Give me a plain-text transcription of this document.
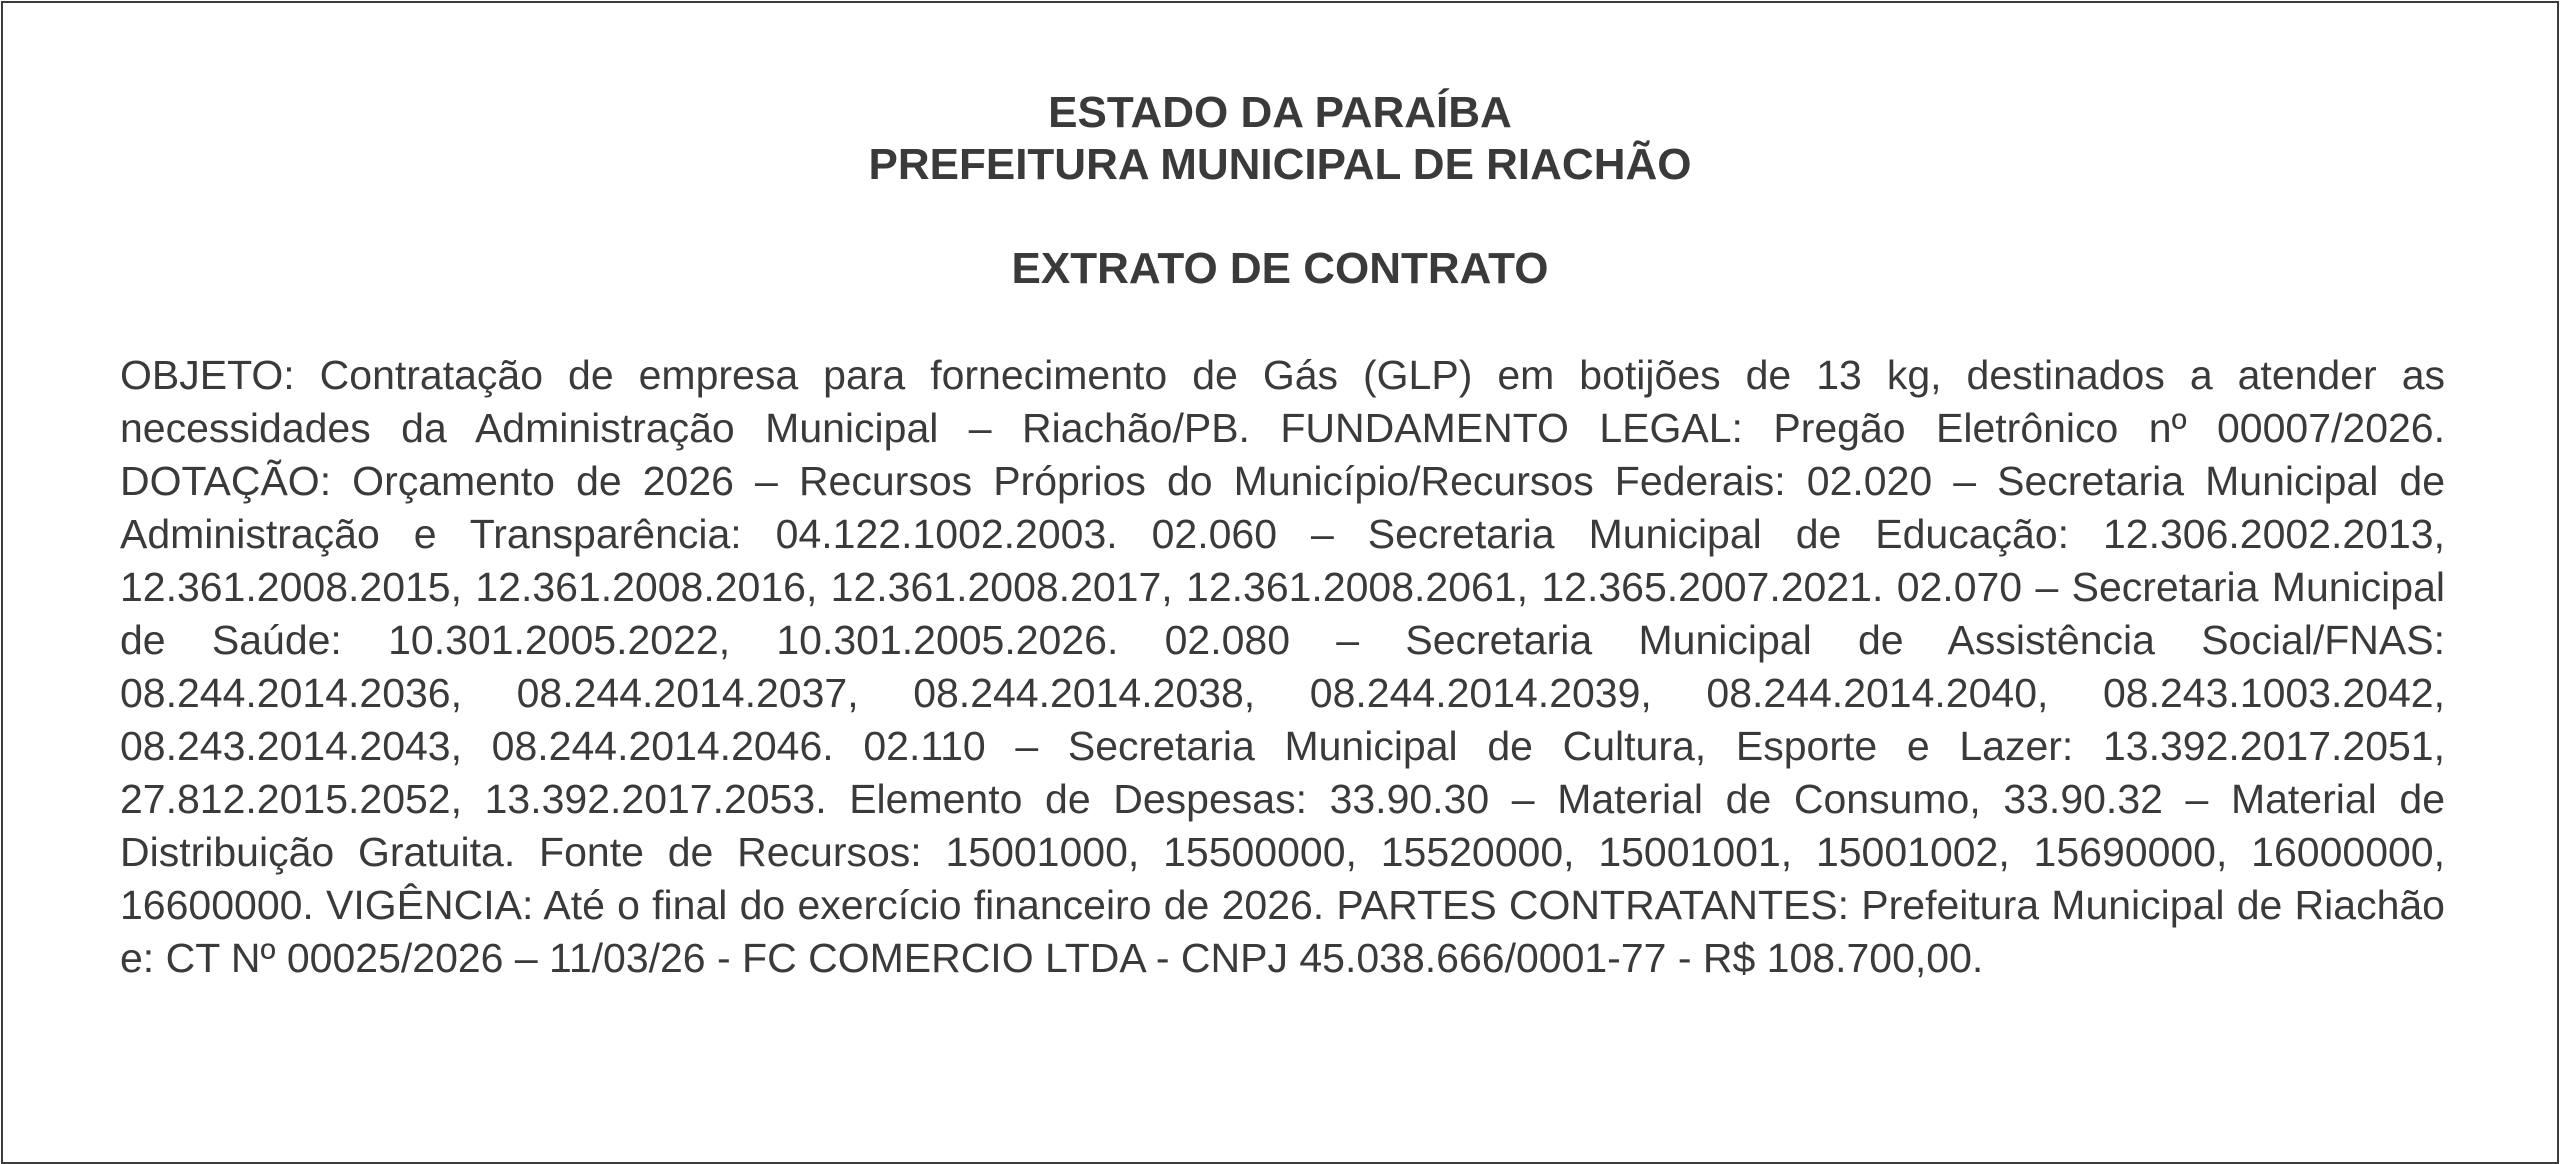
ESTADO DA PARAÍBA
PREFEITURA MUNICIPAL DE RIACHÃO
EXTRATO DE CONTRATO

OBJETO: Contratação de empresa para fornecimento de Gás (GLP) em botijões de 13 kg, destinados a atender as necessidades da Administração Municipal – Riachão/PB. FUNDAMENTO LEGAL: Pregão Eletrônico nº 00007/2026. DOTAÇÃO: Orçamento de 2026 – Recursos Próprios do Município/Recursos Federais: 02.020 – Secretaria Municipal de Administração e Transparência: 04.122.1002.2003. 02.060 – Secretaria Municipal de Educação: 12.306.2002.2013, 12.361.2008.2015, 12.361.2008.2016, 12.361.2008.2017, 12.361.2008.2061, 12.365.2007.2021. 02.070 – Secretaria Municipal de Saúde: 10.301.2005.2022, 10.301.2005.2026. 02.080 – Secretaria Municipal de Assistência Social/FNAS: 08.244.2014.2036, 08.244.2014.2037, 08.244.2014.2038, 08.244.2014.2039, 08.244.2014.2040, 08.243.1003.2042, 08.243.2014.2043, 08.244.2014.2046. 02.110 – Secretaria Municipal de Cultura, Esporte e Lazer: 13.392.2017.2051, 27.812.2015.2052, 13.392.2017.2053. Elemento de Despesas: 33.90.30 – Material de Consumo, 33.90.32 – Material de Distribuição Gratuita. Fonte de Recursos: 15001000, 15500000, 15520000, 15001001, 15001002, 15690000, 16000000, 16600000. VIGÊNCIA: Até o final do exercício financeiro de 2026. PARTES CONTRATANTES: Prefeitura Municipal de Riachão e: CT Nº 00025/2026 – 11/03/26 - FC COMERCIO LTDA - CNPJ 45.038.666/0001-77 - R$ 108.700,00.
